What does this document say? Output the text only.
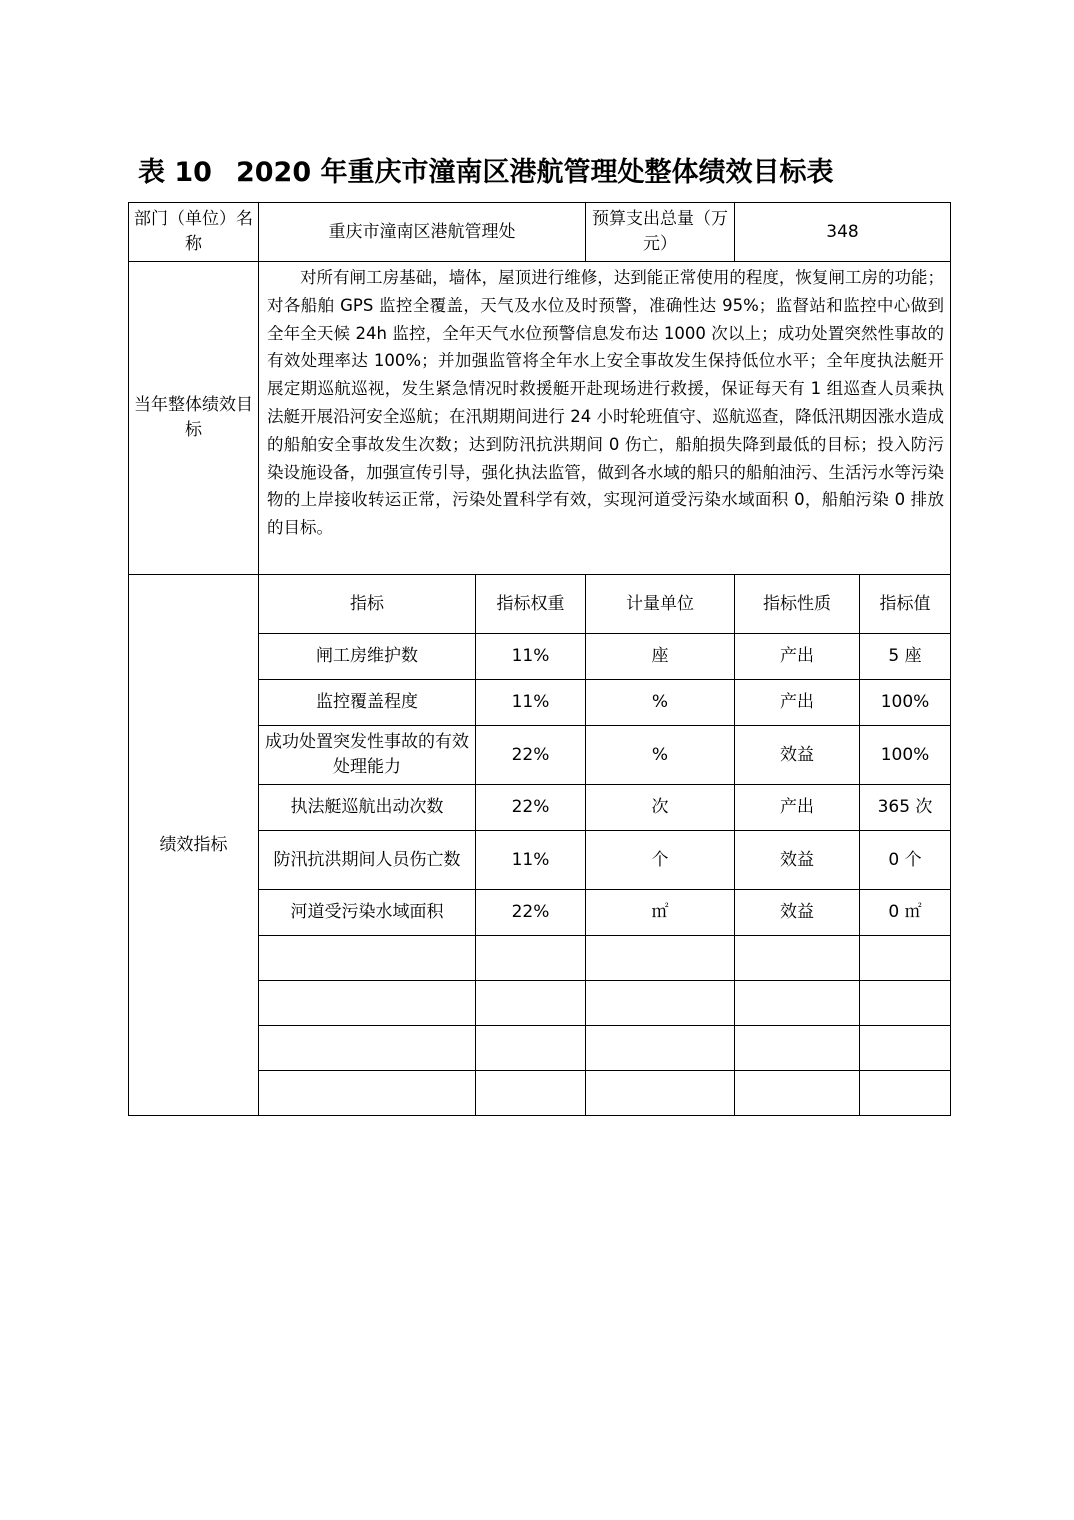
表 10 2020 年重庆市潼南区港航管理处整体绩效目标表
部门（单位）名称	重庆市潼南区港航管理处		预算支出总量（万元）	348	
当年整体绩效目标	对所有闸工房基础，墙体，屋顶进行维修，达到能正常使用的程度，恢复闸工房的功能；对各船舶 GPS 监控全覆盖，天气及水位及时预警，准确性达 95%；监督站和监控中心做到全年全天候 24h 监控，全年天气水位预警信息发布达 1000 次以上；成功处置突然性事故的有效处理率达 100%；并加强监管将全年水上安全事故发生保持低位水平；全年度执法艇开展定期巡航巡视，发生紧急情况时救援艇开赴现场进行救援，保证每天有 1 组巡查人员乘执法艇开展沿河安全巡航；在汛期期间进行 24 小时轮班值守、巡航巡查，降低汛期因涨水造成的船舶安全事故发生次数；达到防汛抗洪期间 0 伤亡，船舶损失降到最低的目标；投入防污染设施设备，加强宣传引导，强化执法监管，做到各水域的船只的船舶油污、生活污水等污染物的上岸接收转运正常，污染处置科学有效，实现河道受污染水域面积 0，船舶污染 0 排放的目标。				
绩效指标	指标	指标权重	计量单位	指标性质	指标值
	闸工房维护数	11%	座	产出	5 座
	监控覆盖程度	11%	%	产出	100%
	成功处置突发性事故的有效处理能力	22%	%	效益	100%
	执法艇巡航出动次数	22%	次	产出	365 次
	防汛抗洪期间人员伤亡数	11%	个	效益	0 个
	河道受污染水域面积	22%	㎡	效益	0 ㎡
